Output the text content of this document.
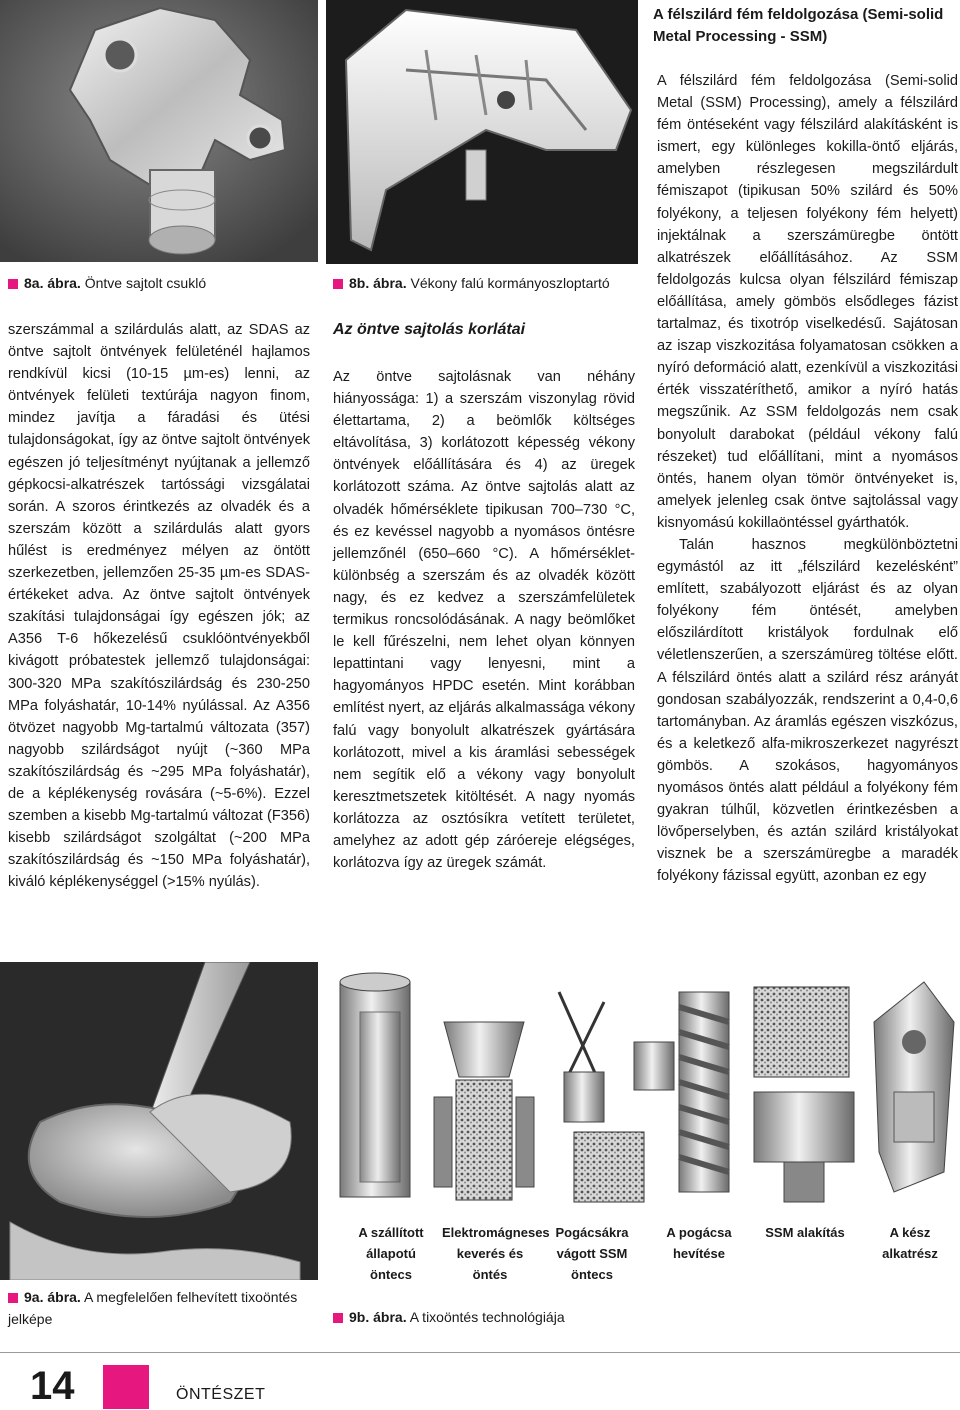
A félszilárd fém feldolgozása (Semi-solid Metal Processing - SSM)
8a. ábra. Öntve sajtolt csukló	8b. ábra. Vékony falú kormányoszloptartó

szerszámmal a szilárdulás alatt, az SDAS az öntve sajtolt öntvények felületénél hajlamos rendkívül kicsi (10-15 µm-es) lenni, az öntvények felületi textúrája nagyon finom, mindez javítja a fáradási és ütési tulajdonságokat, így az öntve sajtolt öntvények egészen jó teljesítményt nyújtanak a jellemző gépkocsi-alkatrészek tartóssági vizsgálatai során. A szoros érintkezés az olvadék és a szerszám között a szilárdulás alatt gyors hűlést is eredményez mélyen az öntött szerkezetben, jellemzően 25-35 µm-es SDAS-értékeket adva. Az öntve sajtolt öntvények szakítási tulajdonságai így egészen jók; az A356 T-6 hőkezelésű csuklóöntvényekből kivágott próbatestek jellemző tulajdonságai: 300-320 MPa szakítószilárdság és 230-250 MPa folyáshatár, 10-14% nyúlással. Az A356 ötvözet nagyobb Mg-tartalmú változata (357) nagyobb szilárdságot nyújt (~360 MPa szakítószilárdság és ~295 MPa folyáshatár), de a képlékenység rovására (~5-6%). Ezzel szemben a kisebb Mg-tartalmú változat (F356) kisebb szilárdságot szolgáltat (~200 MPa szakítószilárdság és ~150 MPa folyáshatár), kiváló képlékenységgel (>15% nyúlás).

Az öntve sajtolás korlátai

Az öntve sajtolásnak van néhány hiányossága: 1) a szerszám viszonylag rövid élettartama, 2) a beömlők költséges eltávolítása, 3) korlátozott képesség vékony öntvények előállítására és 4) az üregek korlátozott száma. Az öntve sajtolás alatt az olvadék hőmérséklete tipikusan 700–730 °C, és ez kevéssel nagyobb a nyomásos öntésre jellemzőnél (650–660 °C). A hőmérséklet-különbség a szerszám és az olvadék között nagy, és ez kedvez a szerszámfelületek termikus roncsolódásának. A nagy beömlőket le kell fűrészelni, nem lehet olyan könnyen lepattintani vagy lenyesni, mint a hagyományos HPDC esetén. Mint korábban említést nyert, az eljárás alkalmassága vékony falú vagy bonyolult alkatrészek gyártására korlátozott, mivel a kis áramlási sebességek nem segítik elő a vékony vagy bonyolult keresztmetszetek kitöltését. A nagy nyomás korlátozza az osztósíkra vetített területet, amelyhez az adott gép záróereje elégséges, korlátozva így az üregek számát.

A félszilárd fém feldolgozása (Semi-solid Metal (SSM) Processing), amely a félszilárd fém öntéseként vagy félszilárd alakításként is ismert, egy különleges kokilla-öntő eljárás, amelyben részlegesen megszilárdult fémiszapot (tipikusan 50% szilárd és 50% folyékony, a teljesen folyékony fém helyett) injektálnak a szerszámüregbe öntött alkatrészek előállításához. Az SSM feldolgozás kulcsa olyan félszilárd fémiszap előállítása, amely gömbös elsődleges fázist tartalmaz, és tixotróp viselkedésű. Sajátosan az iszap viszkozitása folyamatosan csökken a nyíró deformáció alatt, ezenkívül a viszkozitási érték visszatéríthető, amikor a nyíró hatás megszűnik. Az SSM feldolgozás nem csak bonyolult darabokat (például vékony falú részeket) tud előállítani, mint a nyomásos öntés, hanem olyan tömör öntvényeket is, amelyek jelenleg csak öntve sajtolással vagy kisnyomású kokillaöntéssel gyárthatók.

Talán hasznos megkülönböztetni egymástól az itt „félszilárd kezelésként” említett, szabályozott eljárást és az olyan folyékony fém öntését, amelyben előszilárdított kristályok fordulnak elő véletlenszerűen, a szerszámüreg töltése előtt. A félszilárd öntés alatt a szilárd rész arányát gondosan szabályozzák, rendszerint a 0,4-0,6 tartományban. Az áramlás egészen viszkózus, és a keletkező alfa-mikroszerkezet nagyrészt gömbös. A szokásos, hagyományos nyomásos öntés alatt például a folyékony fém gyakran túlhűl, közvetlen érintkezésben a lövőperselyben, és aztán szilárd kristályokat visznek be a szerszámüregbe a maradék folyékony fázissal együtt, azonban ez egy

A szállított állapotú öntecs
Elektromágneses keverés és öntés
Pogácsákra vágott SSM öntecs
A pogácsa hevítése
SSM alakítás	A kész alkatrész
9a. ábra. A megfelelően felhevített tixoöntés jelképe	9b. ábra. A tixoöntés technológiája
14	ÖNTÉSZET
